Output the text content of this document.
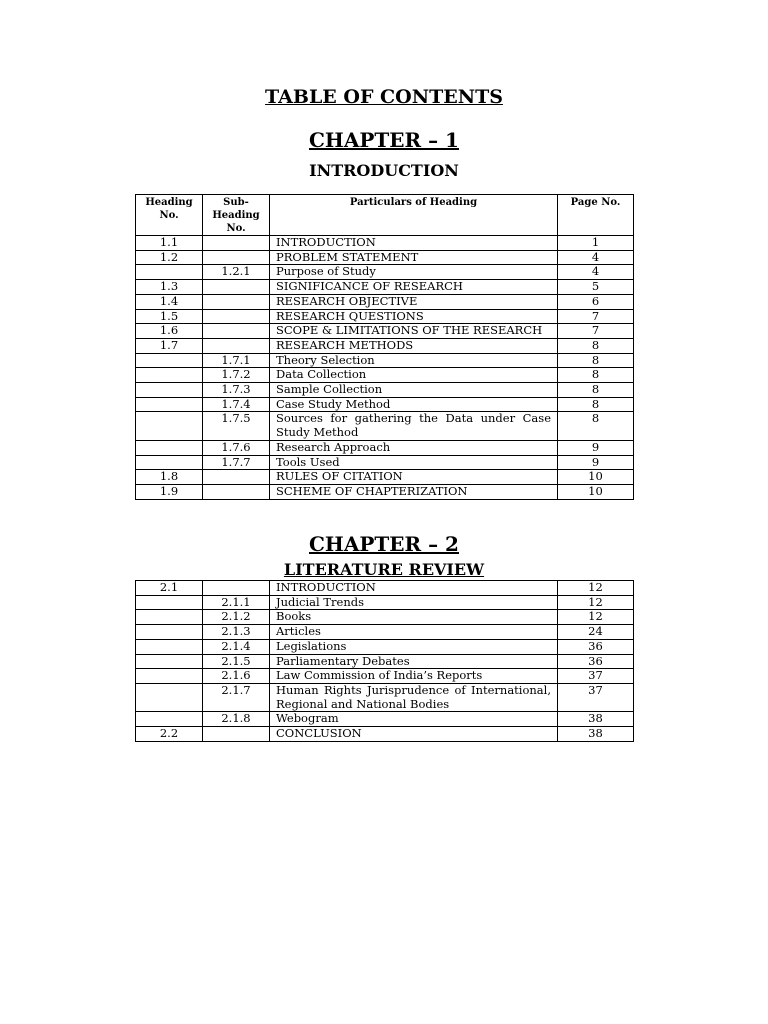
TABLE OF CONTENTS
CHAPTER – 1
INTRODUCTION
Heading No.	Sub-Heading No.	Particulars of Heading	Page No.
1.1		INTRODUCTION	1
1.2		PROBLEM STATEMENT	4
	1.2.1	Purpose of Study	4
1.3		SIGNIFICANCE OF RESEARCH	5
1.4		RESEARCH OBJECTIVE	6
1.5		RESEARCH QUESTIONS	7
1.6		SCOPE & LIMITATIONS OF THE RESEARCH	7
1.7		RESEARCH METHODS	8
	1.7.1	Theory Selection	8
	1.7.2	Data Collection	8
	1.7.3	Sample Collection	8
	1.7.4	Case Study Method	8
	1.7.5	Sources for gathering the Data under Case Study Method	8
	1.7.6	Research Approach	9
	1.7.7	Tools Used	9
1.8		RULES OF CITATION	10
1.9		SCHEME OF CHAPTERIZATION	10
CHAPTER – 2
LITERATURE REVIEW
2.1		INTRODUCTION	12
	2.1.1	Judicial Trends	12
	2.1.2	Books	12
	2.1.3	Articles	24
	2.1.4	Legislations	36
	2.1.5	Parliamentary Debates	36
	2.1.6	Law Commission of India’s Reports	37
	2.1.7	Human Rights Jurisprudence of International, Regional and National Bodies	37
	2.1.8	Webogram	38
2.2		CONCLUSION	38
